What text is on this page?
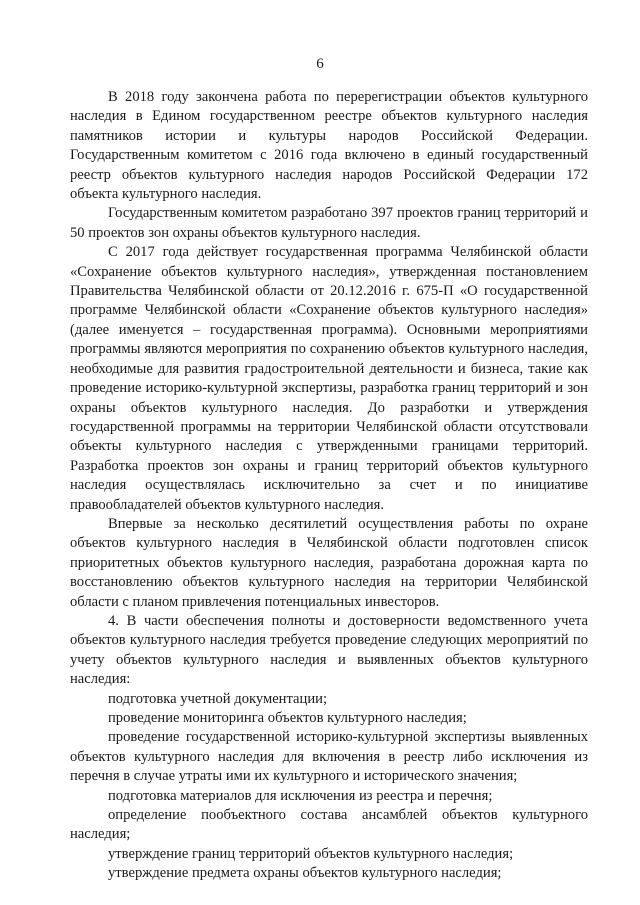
6

В 2018 году закончена работа по перерегистрации объектов культурного наследия в Едином государственном реестре объектов культурного наследия памятников истории и культуры народов Российской Федерации. Государственным комитетом с 2016 года включено в единый государственный реестр объектов культурного наследия народов Российской Федерации 172 объекта культурного наследия.

Государственным комитетом разработано 397 проектов границ территорий и 50 проектов зон охраны объектов культурного наследия.

С 2017 года действует государственная программа Челябинской области «Сохранение объектов культурного наследия», утвержденная постановлением Правительства Челябинской области от 20.12.2016 г. 675-П «О государственной программе Челябинской области «Сохранение объектов культурного наследия» (далее именуется – государственная программа). Основными мероприятиями программы являются мероприятия по сохранению объектов культурного наследия, необходимые для развития градостроительной деятельности и бизнеса, такие как проведение историко-культурной экспертизы, разработка границ территорий и зон охраны объектов культурного наследия. До разработки и утверждения государственной программы на территории Челябинской области отсутствовали объекты культурного наследия с утвержденными границами территорий. Разработка проектов зон охраны и границ территорий объектов культурного наследия осуществлялась исключительно за счет и по инициативе правообладателей объектов культурного наследия.

Впервые за несколько десятилетий осуществления работы по охране объектов культурного наследия в Челябинской области подготовлен список приоритетных объектов культурного наследия, разработана дорожная карта по восстановлению объектов культурного наследия на территории Челябинской области с планом привлечения потенциальных инвесторов.

4. В части обеспечения полноты и достоверности ведомственного учета объектов культурного наследия требуется проведение следующих мероприятий по учету объектов культурного наследия и выявленных объектов культурного наследия:

подготовка учетной документации;

проведение мониторинга объектов культурного наследия;

проведение государственной историко-культурной экспертизы выявленных объектов культурного наследия для включения в реестр либо исключения из перечня в случае утраты ими их культурного и исторического значения;

подготовка материалов для исключения из реестра и перечня;

определение пообъектного состава ансамблей объектов культурного наследия;

утверждение границ территорий объектов культурного наследия;

утверждение предмета охраны объектов культурного наследия;
